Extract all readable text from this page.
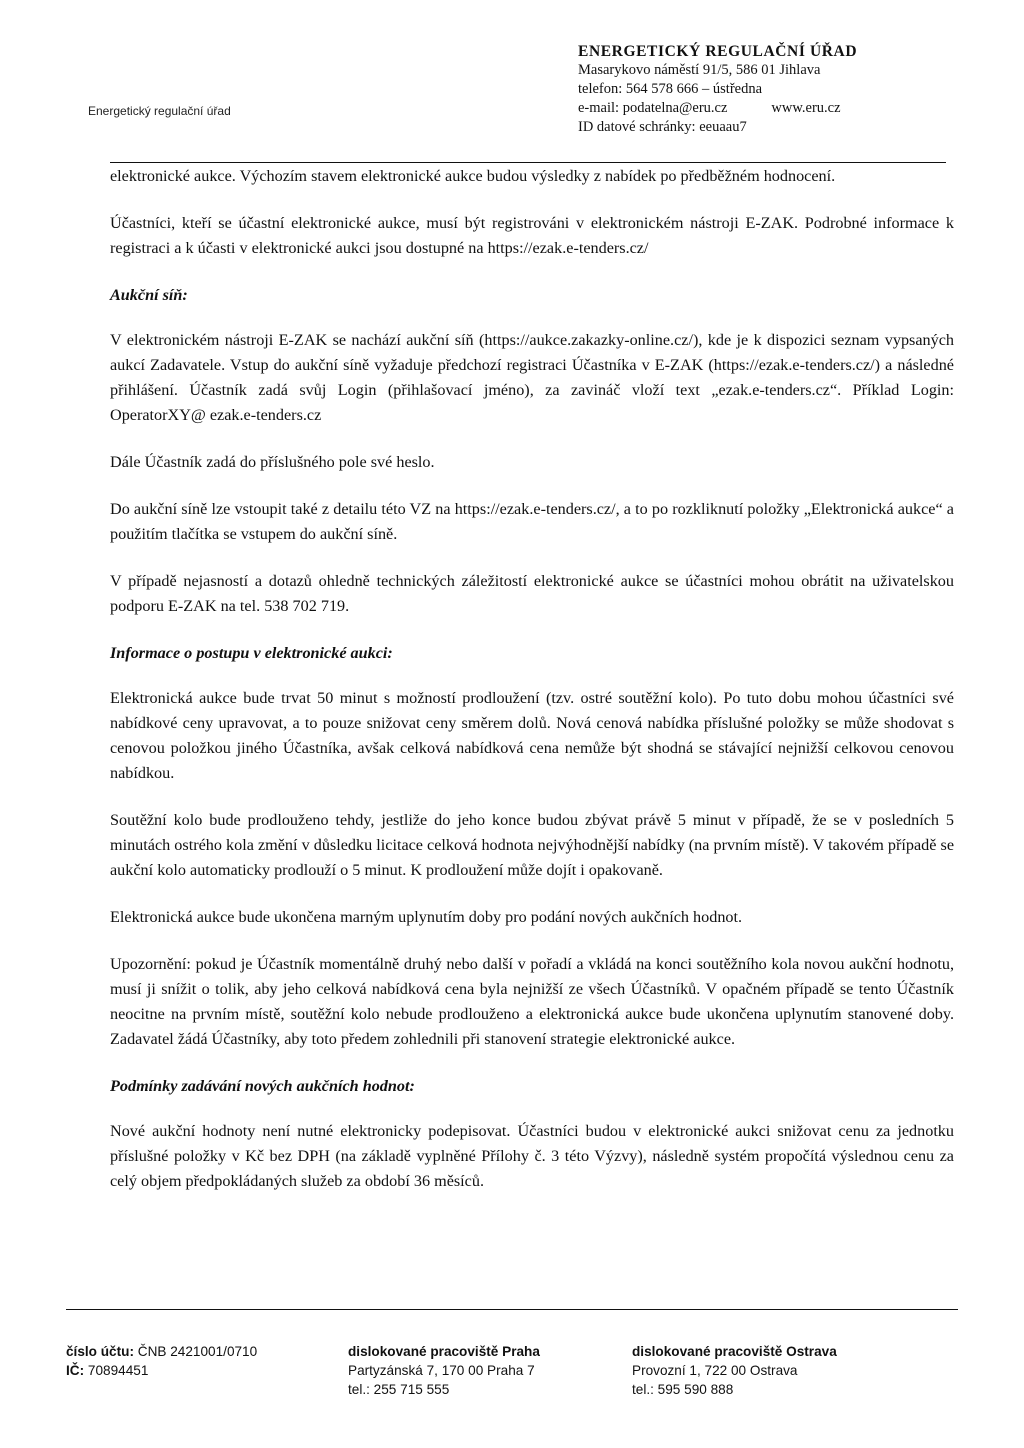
Energetický regulační úřad
ENERGETICKÝ REGULAČNÍ ÚŘAD
Masarykovo náměstí 91/5, 586 01 Jihlava
telefon: 564 578 666 – ústředna
e-mail: podatelna@eru.cz	www.eru.cz
ID datové schránky: eeuaau7

elektronické aukce. Výchozím stavem elektronické aukce budou výsledky z nabídek po předběžném hodnocení.

Účastníci, kteří se účastní elektronické aukce, musí být registrováni v elektronickém nástroji E-ZAK. Podrobné informace k registraci a k účasti v elektronické aukci jsou dostupné na https://ezak.e-tenders.cz/

Aukční síň:

V elektronickém nástroji E-ZAK se nachází aukční síň (https://aukce.zakazky-online.cz/), kde je k dispozici seznam vypsaných aukcí Zadavatele. Vstup do aukční síně vyžaduje předchozí registraci Účastníka v E-ZAK (https://ezak.e-tenders.cz/) a následné přihlášení. Účastník zadá svůj Login (přihlašovací jméno), za zavináč vloží text „ezak.e-tenders.cz“. Příklad Login: OperatorXY@ ezak.e-tenders.cz

Dále Účastník zadá do příslušného pole své heslo.

Do aukční síně lze vstoupit také z detailu této VZ na https://ezak.e-tenders.cz/, a to po rozkliknutí položky „Elektronická aukce“ a použitím tlačítka se vstupem do aukční síně.

V případě nejasností a dotazů ohledně technických záležitostí elektronické aukce se účastníci mohou obrátit na uživatelskou podporu E-ZAK na tel. 538 702 719.

Informace o postupu v elektronické aukci:

Elektronická aukce bude trvat 50 minut s možností prodloužení (tzv. ostré soutěžní kolo). Po tuto dobu mohou účastníci své nabídkové ceny upravovat, a to pouze snižovat ceny směrem dolů. Nová cenová nabídka příslušné položky se může shodovat s cenovou položkou jiného Účastníka, avšak celková nabídková cena nemůže být shodná se stávající nejnižší celkovou cenovou nabídkou.

Soutěžní kolo bude prodlouženo tehdy, jestliže do jeho konce budou zbývat právě 5 minut v případě, že se v posledních 5 minutách ostrého kola změní v důsledku licitace celková hodnota nejvýhodnější nabídky (na prvním místě). V takovém případě se aukční kolo automaticky prodlouží o 5 minut. K prodloužení může dojít i opakovaně.

Elektronická aukce bude ukončena marným uplynutím doby pro podání nových aukčních hodnot.

Upozornění: pokud je Účastník momentálně druhý nebo další v pořadí a vkládá na konci soutěžního kola novou aukční hodnotu, musí ji snížit o tolik, aby jeho celková nabídková cena byla nejnižší ze všech Účastníků. V opačném případě se tento Účastník neocitne na prvním místě, soutěžní kolo nebude prodlouženo a elektronická aukce bude ukončena uplynutím stanovené doby. Zadavatel žádá Účastníky, aby toto předem zohlednili při stanovení strategie elektronické aukce.

Podmínky zadávání nových aukčních hodnot:

Nové aukční hodnoty není nutné elektronicky podepisovat. Účastníci budou v elektronické aukci snižovat cenu za jednotku příslušné položky v Kč bez DPH (na základě vyplněné Přílohy č. 3 této Výzvy), následně systém propočítá výslednou cenu za celý objem předpokládaných služeb za období 36 měsíců.

číslo účtu: ČNB 2421001/0710
IČ: 70894451
dislokované pracoviště Praha
Partyzánská 7, 170 00 Praha 7
tel.: 255 715 555
dislokované pracoviště Ostrava
Provozní 1, 722 00 Ostrava
tel.: 595 590 888
